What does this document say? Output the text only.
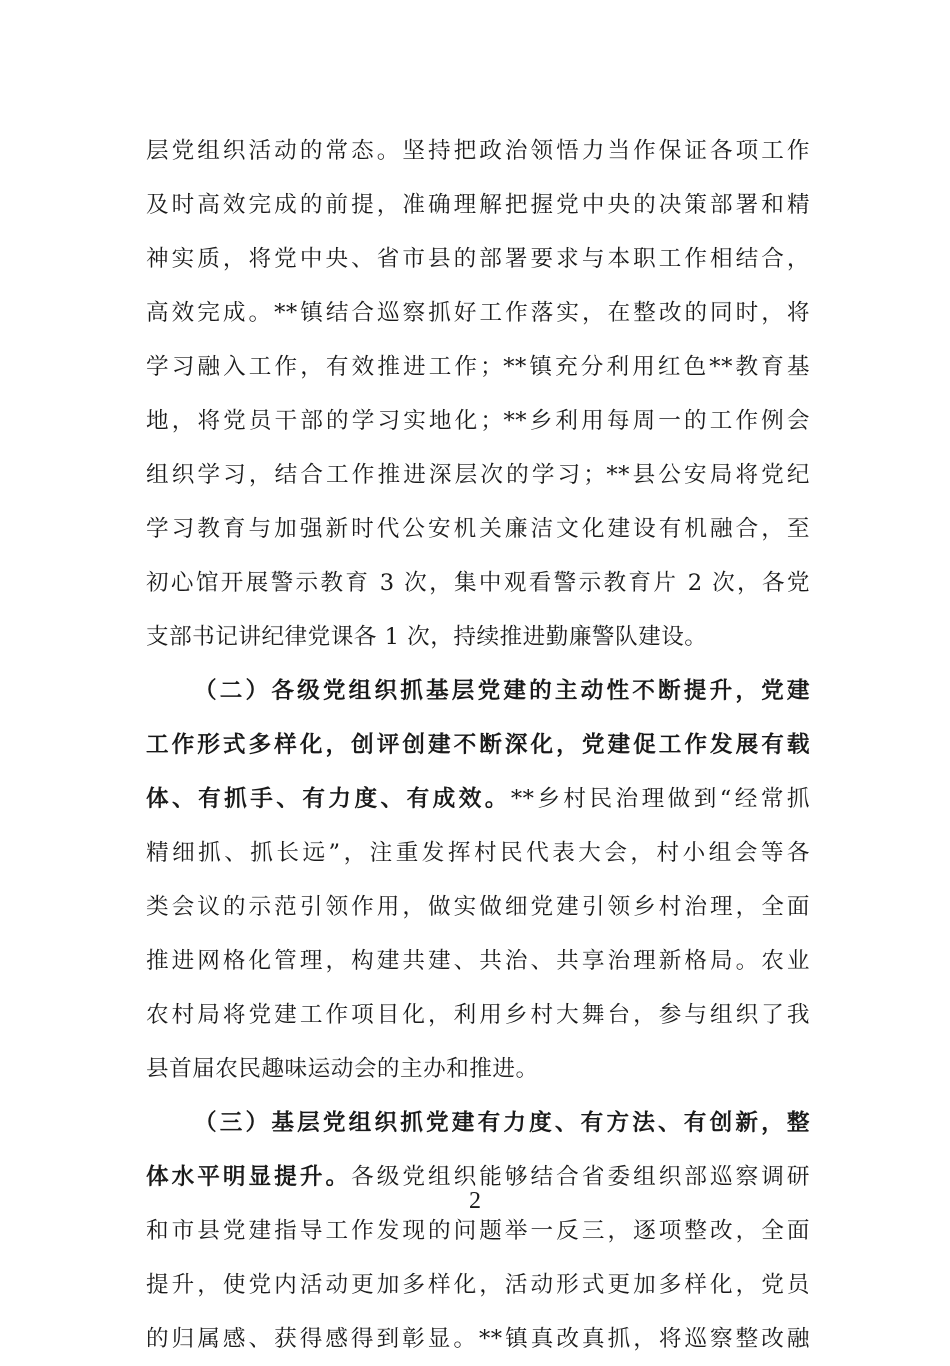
层党组织活动的常态。坚持把政治领悟力当作保证各项工作
及时高效完成的前提，准确理解把握党中央的决策部署和精
神实质，将党中央、省市县的部署要求与本职工作相结合，
高效完成。**镇结合巡察抓好工作落实，在整改的同时，将
学习融入工作，有效推进工作；**镇充分利用红色**教育基
地，将党员干部的学习实地化；**乡利用每周一的工作例会
组织学习，结合工作推进深层次的学习；**县公安局将党纪
学习教育与加强新时代公安机关廉洁文化建设有机融合，至
初心馆开展警示教育 3 次，集中观看警示教育片 2 次，各党
支部书记讲纪律党课各 1 次，持续推进勤廉警队建设。
（二）各级党组织抓基层党建的主动性不断提升，党建
工作形式多样化，创评创建不断深化，党建促工作发展有载
体、有抓手、有力度、有成效。**乡村民治理做到“经常抓
精细抓、抓长远”，注重发挥村民代表大会，村小组会等各
类会议的示范引领作用，做实做细党建引领乡村治理，全面
推进网格化管理，构建共建、共治、共享治理新格局。农业
农村局将党建工作项目化，利用乡村大舞台，参与组织了我
县首届农民趣味运动会的主办和推进。
（三）基层党组织抓党建有力度、有方法、有创新，整
体水平明显提升。各级党组织能够结合省委组织部巡察调研
和市县党建指导工作发现的问题举一反三，逐项整改，全面
提升，使党内活动更加多样化，活动形式更加多样化，党员
的归属感、获得感得到彰显。**镇真改真抓，将巡察整改融
2
